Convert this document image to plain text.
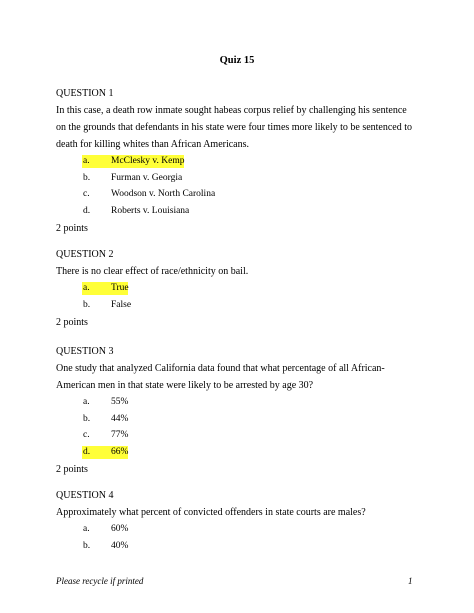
Quiz 15
QUESTION 1
In this case, a death row inmate sought habeas corpus relief by challenging his sentence on the grounds that defendants in his state were four times more likely to be sentenced to death for killing whites than African Americans.
a. McClesky v. Kemp
b. Furman v. Georgia
c. Woodson v. North Carolina
d. Roberts v. Louisiana
2 points
QUESTION 2
There is no clear effect of race/ethnicity on bail.
a. True
b. False
2 points
QUESTION 3
One study that analyzed California data found that what percentage of all African-American men in that state were likely to be arrested by age 30?
a. 55%
b. 44%
c. 77%
d. 66%
2 points
QUESTION 4
Approximately what percent of convicted offenders in state courts are males?
a. 60%
b. 40%
Please recycle if printed	1
